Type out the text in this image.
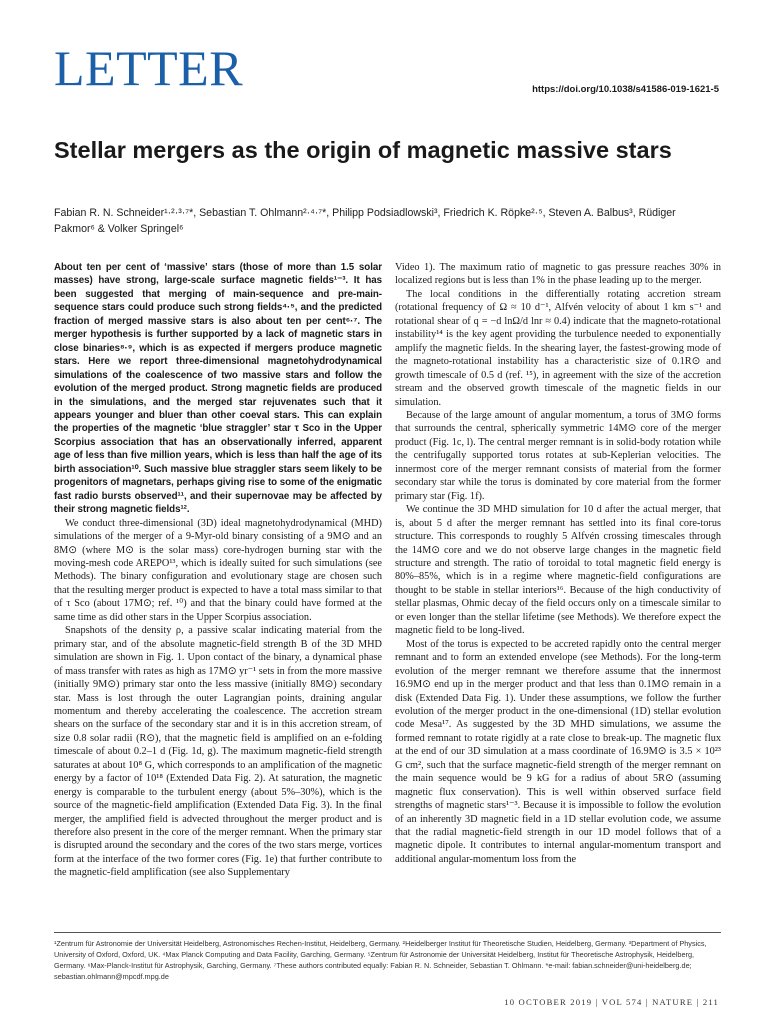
LETTER	https://doi.org/10.1038/s41586-019-1621-5
Stellar mergers as the origin of magnetic massive stars

Fabian R. N. Schneider¹·²·³·⁷*, Sebastian T. Ohlmann²·⁴·⁷*, Philipp Podsiadlowski³, Friedrich K. Röpke²·⁵, Steven A. Balbus³, Rüdiger Pakmor⁶ & Volker Springel⁶

About ten per cent of ‘massive’ stars (those of more than 1.5 solar masses) have strong, large-scale surface magnetic fields¹⁻³. It has been suggested that merging of main-sequence and pre-main-sequence stars could produce such strong fields⁴·⁵, and the predicted fraction of merged massive stars is also about ten per cent⁶·⁷. The merger hypothesis is further supported by a lack of magnetic stars in close binaries⁸·⁹, which is as expected if mergers produce magnetic stars. Here we report three-dimensional magnetohydrodynamical simulations of the coalescence of two massive stars and follow the evolution of the merged product. Strong magnetic fields are produced in the simulations, and the merged star rejuvenates such that it appears younger and bluer than other coeval stars. This can explain the properties of the magnetic ‘blue straggler’ star τ Sco in the Upper Scorpius association that has an observationally inferred, apparent age of less than five million years, which is less than half the age of its birth association¹⁰. Such massive blue straggler stars seem likely to be progenitors of magnetars, perhaps giving rise to some of the enigmatic fast radio bursts observed¹¹, and their supernovae may be affected by their strong magnetic fields¹².

We conduct three-dimensional (3D) ideal magnetohydrodynamical (MHD) simulations of the merger of a 9-Myr-old binary consisting of a 9M⊙ and an 8M⊙ (where M⊙ is the solar mass) core-hydrogen burning star with the moving-mesh code AREPO¹³, which is ideally suited for such simulations (see Methods). The binary configuration and evolutionary stage are chosen such that the resulting merger product is expected to have a total mass similar to that of τ Sco (about 17M⊙; ref. ¹⁰) and that the binary could have formed at the same time as did other stars in the Upper Scorpius association.

Snapshots of the density ρ, a passive scalar indicating material from the primary star, and of the absolute magnetic-field strength B of the 3D MHD simulation are shown in Fig. 1. Upon contact of the binary, a dynamical phase of mass transfer with rates as high as 17M⊙ yr⁻¹ sets in from the more massive (initially 9M⊙) primary star onto the less massive (initially 8M⊙) secondary star. Mass is lost through the outer Lagrangian points, draining angular momentum and thereby accelerating the coalescence. The accretion stream shears on the surface of the secondary star and it is in this accretion stream, of size 0.8 solar radii (R⊙), that the magnetic field is amplified on an e-folding timescale of about 0.2–1 d (Fig. 1d, g). The maximum magnetic-field strength saturates at about 10⁸ G, which corresponds to an amplification of the magnetic energy by a factor of 10¹⁸ (Extended Data Fig. 2). At saturation, the magnetic energy is comparable to the turbulent energy (about 5%–30%), which is the source of the magnetic-field amplification (Extended Data Fig. 3). In the final merger, the amplified field is advected throughout the merger product and is therefore also present in the core of the merger remnant. When the primary star is disrupted around the secondary and the cores of the two stars merge, vortices form at the interface of the two former cores (Fig. 1e) that further contribute to the magnetic-field amplification (see also Supplementary

Video 1). The maximum ratio of magnetic to gas pressure reaches 30% in localized regions but is less than 1% in the phase leading up to the merger.

The local conditions in the differentially rotating accretion stream (rotational frequency of Ω ≈ 10 d⁻¹, Alfvén velocity of about 1 km s⁻¹ and rotational shear of q = −d lnΩ/d lnr ≈ 0.4) indicate that the magneto-rotational instability¹⁴ is the key agent providing the turbulence needed to exponentially amplify the magnetic fields. In the shearing layer, the fastest-growing mode of the magneto-rotational instability has a characteristic size of 0.1R⊙ and growth timescale of 0.5 d (ref. ¹⁵), in agreement with the size of the accretion stream and the observed growth timescale of the magnetic fields in our simulation.

Because of the large amount of angular momentum, a torus of 3M⊙ forms that surrounds the central, spherically symmetric 14M⊙ core of the merger product (Fig. 1c, l). The central merger remnant is in solid-body rotation while the centrifugally supported torus rotates at sub-Keplerian velocities. The innermost core of the merger remnant consists of material from the former secondary star while the torus is dominated by core material from the former primary star (Fig. 1f).

We continue the 3D MHD simulation for 10 d after the actual merger, that is, about 5 d after the merger remnant has settled into its final core-torus structure. This corresponds to roughly 5 Alfvén crossing timescales through the 14M⊙ core and we do not observe large changes in the magnetic field structure and strength. The ratio of toroidal to total magnetic field energy is 80%–85%, which is in a regime where magnetic-field configurations are thought to be stable in stellar interiors¹⁶. Because of the high conductivity of stellar plasmas, Ohmic decay of the field occurs only on a timescale similar to or even longer than the stellar lifetime (see Methods). We therefore expect the magnetic field to be long-lived.

Most of the torus is expected to be accreted rapidly onto the central merger remnant and to form an extended envelope (see Methods). For the long-term evolution of the merger remnant we therefore assume that the innermost 16.9M⊙ end up in the merger product and that less than 0.1M⊙ remain in a disk (Extended Data Fig. 1). Under these assumptions, we follow the further evolution of the merger product in the one-dimensional (1D) stellar evolution code Mesa¹⁷. As suggested by the 3D MHD simulations, we assume the formed remnant to rotate rigidly at a rate close to break-up. The magnetic flux at the end of our 3D simulation at a mass coordinate of 16.9M⊙ is 3.5 × 10²³ G cm², such that the surface magnetic-field strength of the merger remnant on the main sequence would be 9 kG for a radius of about 5R⊙ (assuming magnetic flux conservation). This is well within observed surface field strengths of magnetic stars¹⁻³. Because it is impossible to follow the evolution of an inherently 3D magnetic field in a 1D stellar evolution code, we assume that the radial magnetic-field strength in our 1D model follows that of a magnetic dipole. It contributes to internal angular-momentum transport and additional angular-momentum loss from the

¹Zentrum für Astronomie der Universität Heidelberg, Astronomisches Rechen-Institut, Heidelberg, Germany. ²Heidelberger Institut für Theoretische Studien, Heidelberg, Germany. ³Department of Physics, University of Oxford, Oxford, UK. ⁴Max Planck Computing and Data Facility, Garching, Germany. ⁵Zentrum für Astronomie der Universität Heidelberg, Institut für Theoretische Astrophysik, Heidelberg, Germany. ⁶Max-Planck-Institut für Astrophysik, Garching, Germany. ⁷These authors contributed equally: Fabian R. N. Schneider, Sebastian T. Ohlmann. *e-mail: fabian.schneider@uni-heidelberg.de; sebastian.ohlmann@mpcdf.mpg.de

10 OCTOBER 2019 | VOL 574 | NATURE | 211
